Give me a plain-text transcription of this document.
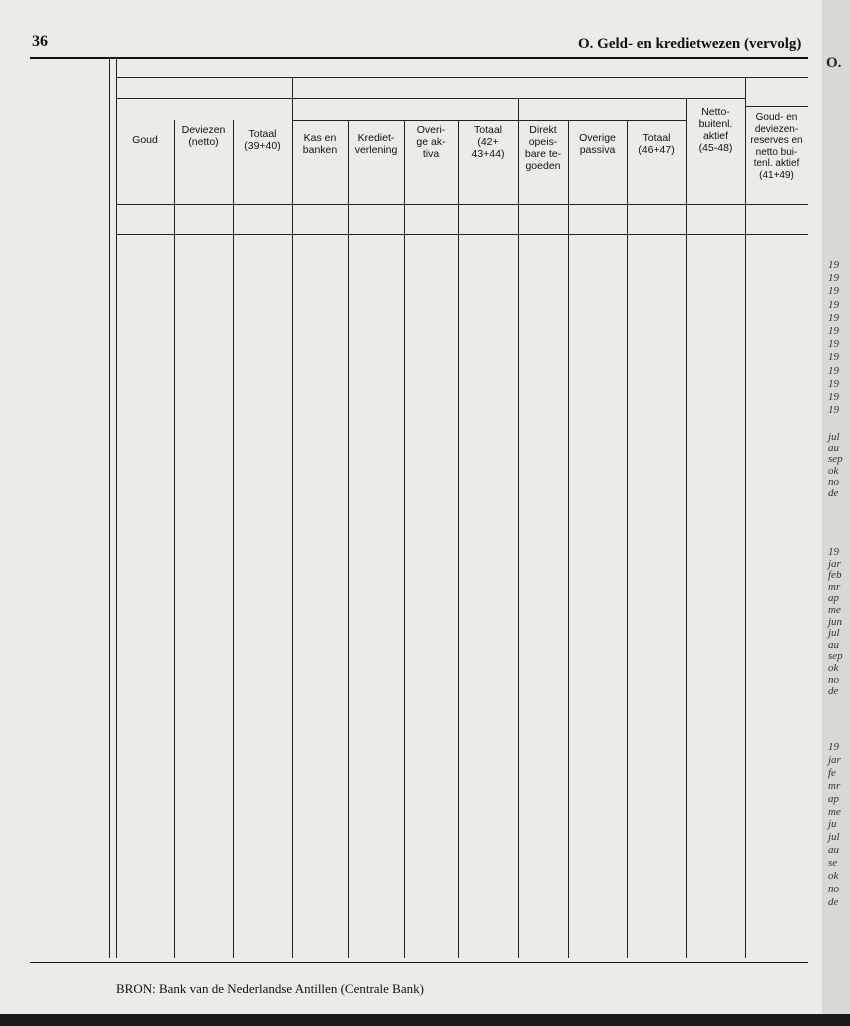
36	O. Geld- en kredietwezen (vervolg)
Goud
Deviezen
(netto)
Totaal
(39+40)
Kas en
banken
Krediet-
verlening
Overi-
ge ak-
tiva
Totaal
(42+
43+44)
Direkt
opeis-
bare te-
goeden
Overige
passiva
Totaal
(46+47)
Netto-
buitenl.
aktief
(45-48)
Goud- en
deviezen-
reserves en
netto bui-
tenl. aktief
(41+49)
BRON: Bank van de Nederlandse Antillen (Centrale Bank)
O.
19
19
19
19
19
19
19
19
19
19
19
19
jul
au
sep
ok
no
de
19
jar
feb
mr
ap
me
jun
jul
au
sep
ok
no
de
19
jar
fe
mr
ap
me
ju
jul
au
se
ok
no
de
